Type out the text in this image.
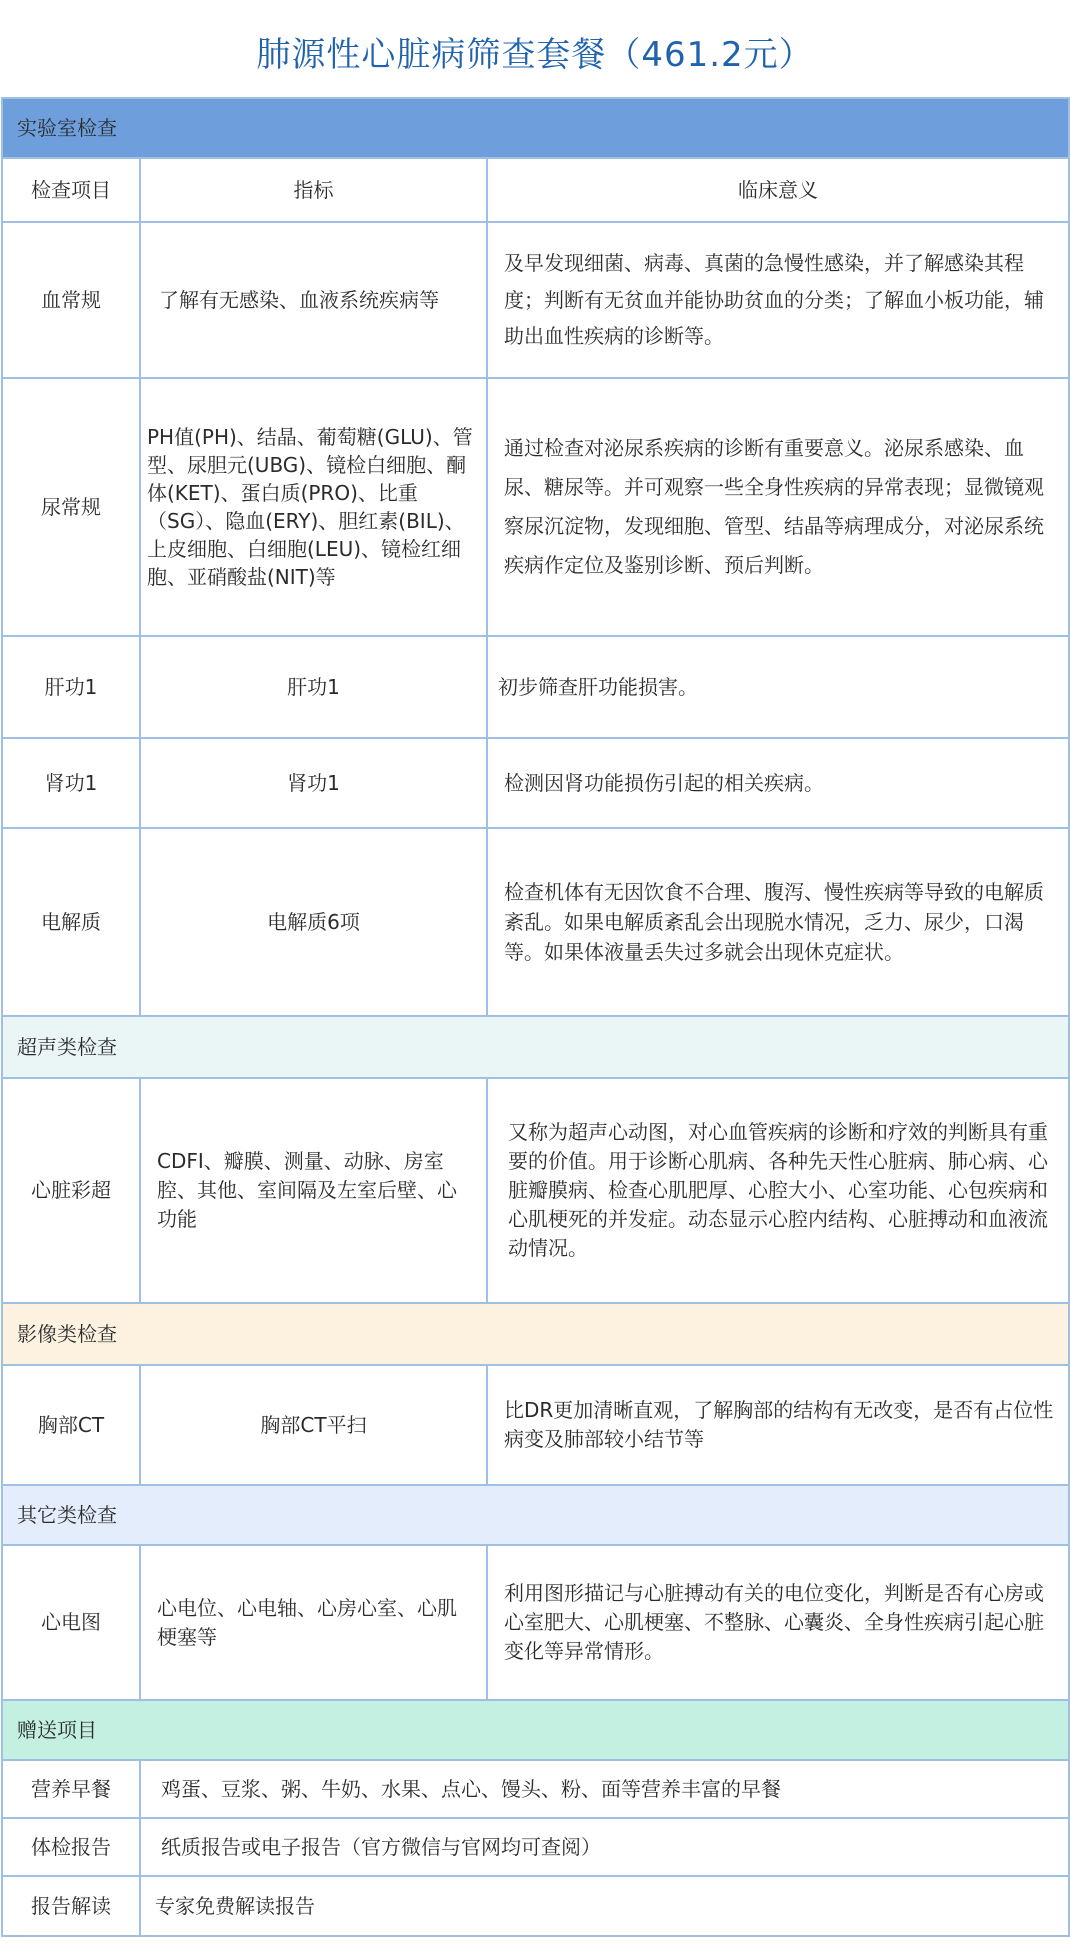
肺源性心脏病筛查套餐（461.2元）
实验室检查		
检查项目	指标	临床意义
血常规	了解有无感染、血液系统疾病等	及早发现细菌、病毒、真菌的急慢性感染，并了解感染其程度；判断有无贫血并能协助贫血的分类；了解血小板功能，辅助出血性疾病的诊断等。
尿常规	PH值(PH)、结晶、葡萄糖(GLU)、管型、尿胆元(UBG)、镜检白细胞、酮体(KET)、蛋白质(PRO)、比重（SG）、隐血(ERY)、胆红素(BIL)、上皮细胞、白细胞(LEU)、镜检红细胞、亚硝酸盐(NIT)等	通过检查对泌尿系疾病的诊断有重要意义。泌尿系感染、血尿、糖尿等。并可观察一些全身性疾病的异常表现；显微镜观察尿沉淀物，发现细胞、管型、结晶等病理成分，对泌尿系统疾病作定位及鉴别诊断、预后判断。
肝功1	肝功1	初步筛查肝功能损害。
肾功1	肾功1	检测因肾功能损伤引起的相关疾病。
电解质	电解质6项	检查机体有无因饮食不合理、腹泻、慢性疾病等导致的电解质紊乱。如果电解质紊乱会出现脱水情况，乏力、尿少，口渴等。如果体液量丢失过多就会出现休克症状。
超声类检查		
心脏彩超	CDFI、瓣膜、测量、动脉、房室腔、其他、室间隔及左室后壁、心功能	又称为超声心动图，对心血管疾病的诊断和疗效的判断具有重要的价值。用于诊断心肌病、各种先天性心脏病、肺心病、心脏瓣膜病、检查心肌肥厚、心腔大小、心室功能、心包疾病和心肌梗死的并发症。动态显示心腔内结构、心脏搏动和血液流动情况。
影像类检查		
胸部CT	胸部CT平扫	比DR更加清晰直观，了解胸部的结构有无改变，是否有占位性病变及肺部较小结节等
其它类检查		
心电图	心电位、心电轴、心房心室、心肌梗塞等	利用图形描记与心脏搏动有关的电位变化，判断是否有心房或心室肥大、心肌梗塞、不整脉、心囊炎、全身性疾病引起心脏变化等异常情形。
赠送项目		
营养早餐	鸡蛋、豆浆、粥、牛奶、水果、点心、馒头、粉、面等营养丰富的早餐	
体检报告	纸质报告或电子报告（官方微信与官网均可查阅）	
报告解读	专家免费解读报告	
